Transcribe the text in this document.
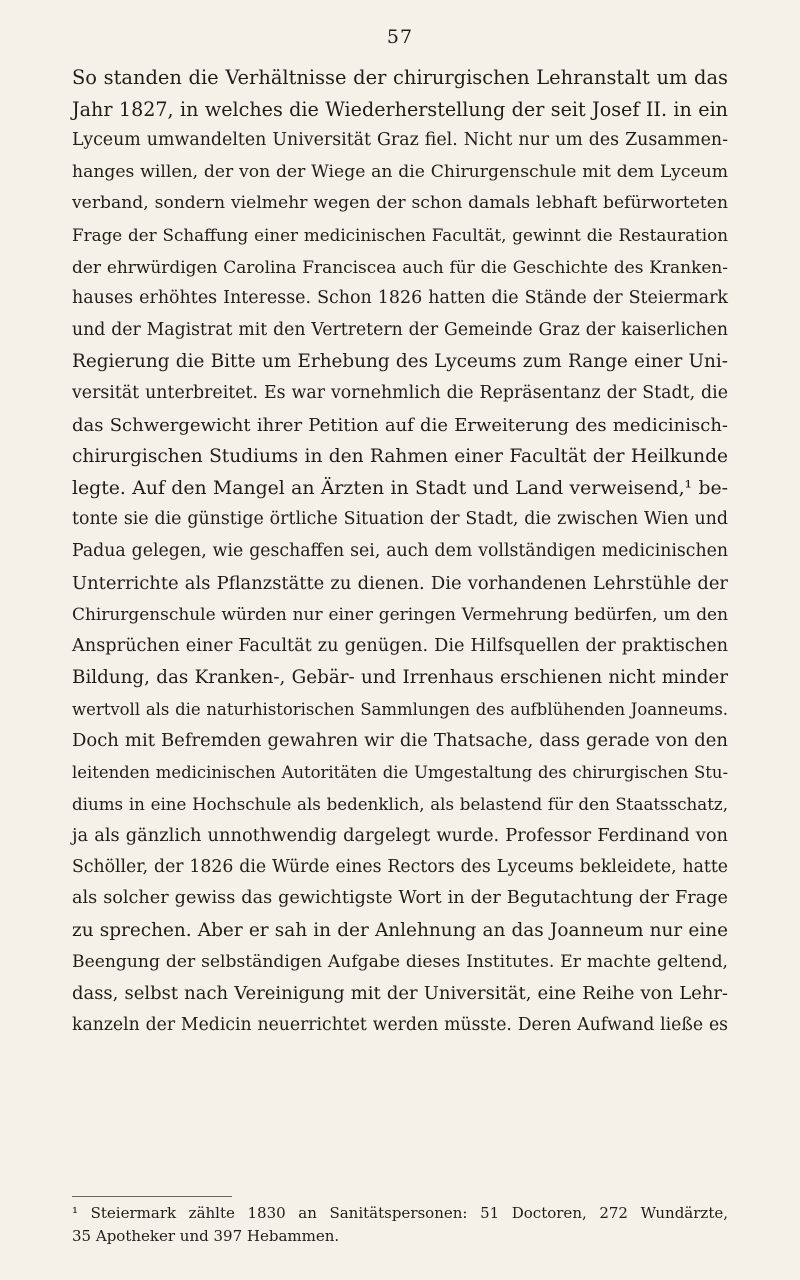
57
So standen die Verhältnisse der chirurgischen Lehranstalt um das
Jahr 1827, in welches die Wiederherstellung der seit Josef II. in ein
Lyceum umwandelten Universität Graz fiel. Nicht nur um des Zusammen-
hanges willen, der von der Wiege an die Chirurgenschule mit dem Lyceum
verband, sondern vielmehr wegen der schon damals lebhaft befürworteten
Frage der Schaffung einer medicinischen Facultät, gewinnt die Restauration
der ehrwürdigen Carolina Franciscea auch für die Geschichte des Kranken-
hauses erhöhtes Interesse. Schon 1826 hatten die Stände der Steiermark
und der Magistrat mit den Vertretern der Gemeinde Graz der kaiserlichen
Regierung die Bitte um Erhebung des Lyceums zum Range einer Uni-
versität unterbreitet. Es war vornehmlich die Repräsentanz der Stadt, die
das Schwergewicht ihrer Petition auf die Erweiterung des medicinisch-
chirurgischen Studiums in den Rahmen einer Facultät der Heilkunde
legte. Auf den Mangel an Ärzten in Stadt und Land verweisend,¹ be-
tonte sie die günstige örtliche Situation der Stadt, die zwischen Wien und
Padua gelegen, wie geschaffen sei, auch dem vollständigen medicinischen
Unterrichte als Pflanzstätte zu dienen. Die vorhandenen Lehrstühle der
Chirurgenschule würden nur einer geringen Vermehrung bedürfen, um den
Ansprüchen einer Facultät zu genügen. Die Hilfsquellen der praktischen
Bildung, das Kranken-, Gebär- und Irrenhaus erschienen nicht minder
wertvoll als die naturhistorischen Sammlungen des aufblühenden Joanneums.
Doch mit Befremden gewahren wir die Thatsache, dass gerade von den
leitenden medicinischen Autoritäten die Umgestaltung des chirurgischen Stu-
diums in eine Hochschule als bedenklich, als belastend für den Staatsschatz,
ja als gänzlich unnothwendig dargelegt wurde. Professor Ferdinand von
Schöller, der 1826 die Würde eines Rectors des Lyceums bekleidete, hatte
als solcher gewiss das gewichtigste Wort in der Begutachtung der Frage
zu sprechen. Aber er sah in der Anlehnung an das Joanneum nur eine
Beengung der selbständigen Aufgabe dieses Institutes. Er machte geltend,
dass, selbst nach Vereinigung mit der Universität, eine Reihe von Lehr-
kanzeln der Medicin neuerrichtet werden müsste. Deren Aufwand ließe es
¹ Steiermark zählte 1830 an Sanitätspersonen: 51 Doctoren, 272 Wundärzte,
35 Apotheker und 397 Hebammen.
